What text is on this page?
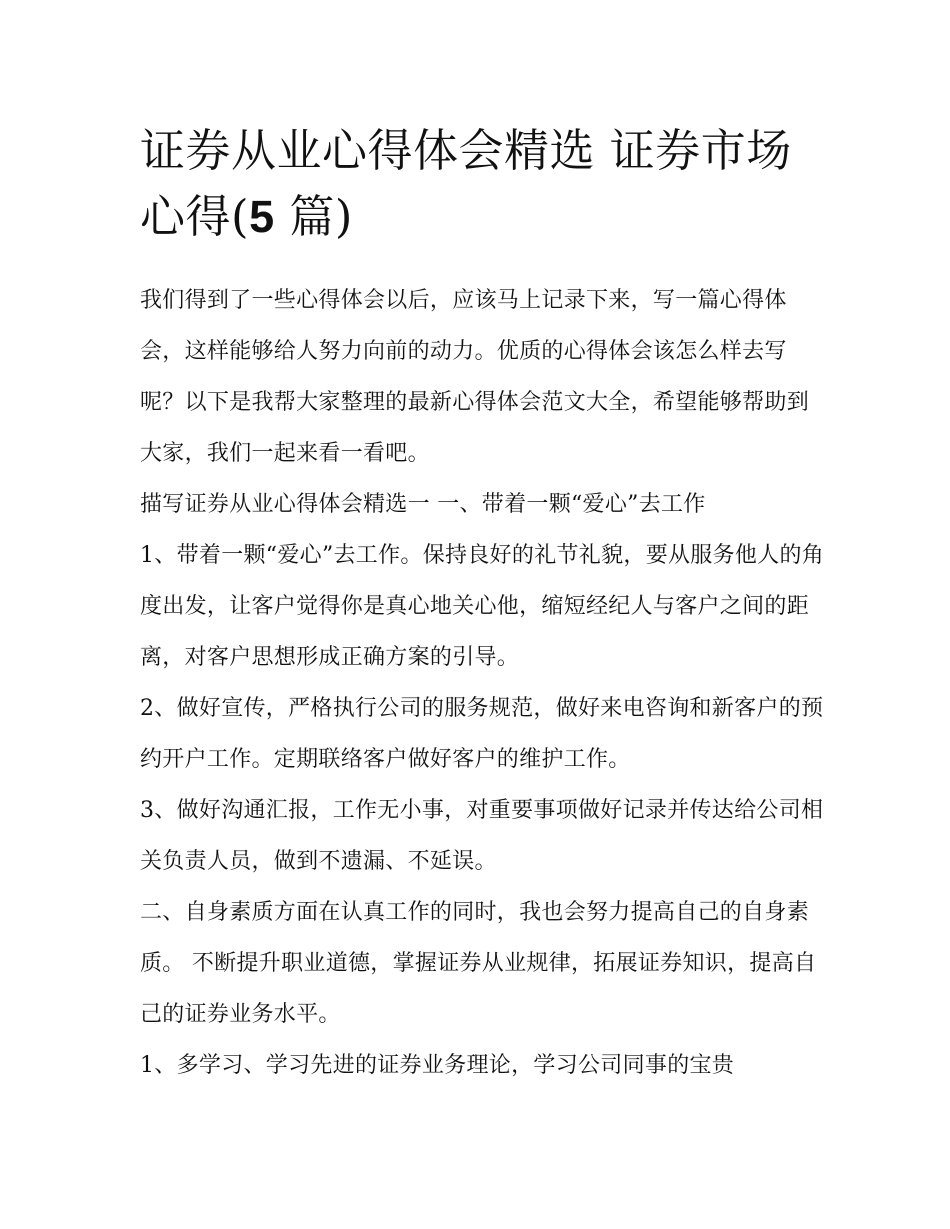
证券从业心得体会精选 证券市场心得(5 篇)

我们得到了一些心得体会以后，应该马上记录下来，写一篇心得体会，这样能够给人努力向前的动力。优质的心得体会该怎么样去写呢？以下是我帮大家整理的最新心得体会范文大全，希望能够帮助到大家，我们一起来看一看吧。

描写证券从业心得体会精选一 一、带着一颗“爱心”去工作

1、带着一颗“爱心”去工作。保持良好的礼节礼貌，要从服务他人的角度出发，让客户觉得你是真心地关心他，缩短经纪人与客户之间的距离，对客户思想形成正确方案的引导。

2、做好宣传，严格执行公司的服务规范，做好来电咨询和新客户的预约开户工作。定期联络客户做好客户的维护工作。

3、做好沟通汇报，工作无小事，对重要事项做好记录并传达给公司相关负责人员，做到不遗漏、不延误。

二、自身素质方面在认真工作的同时，我也会努力提高自己的自身素质。 不断提升职业道德，掌握证券从业规律，拓展证券知识，提高自己的证券业务水平。

1、多学习、学习先进的证券业务理论，学习公司同事的宝贵
